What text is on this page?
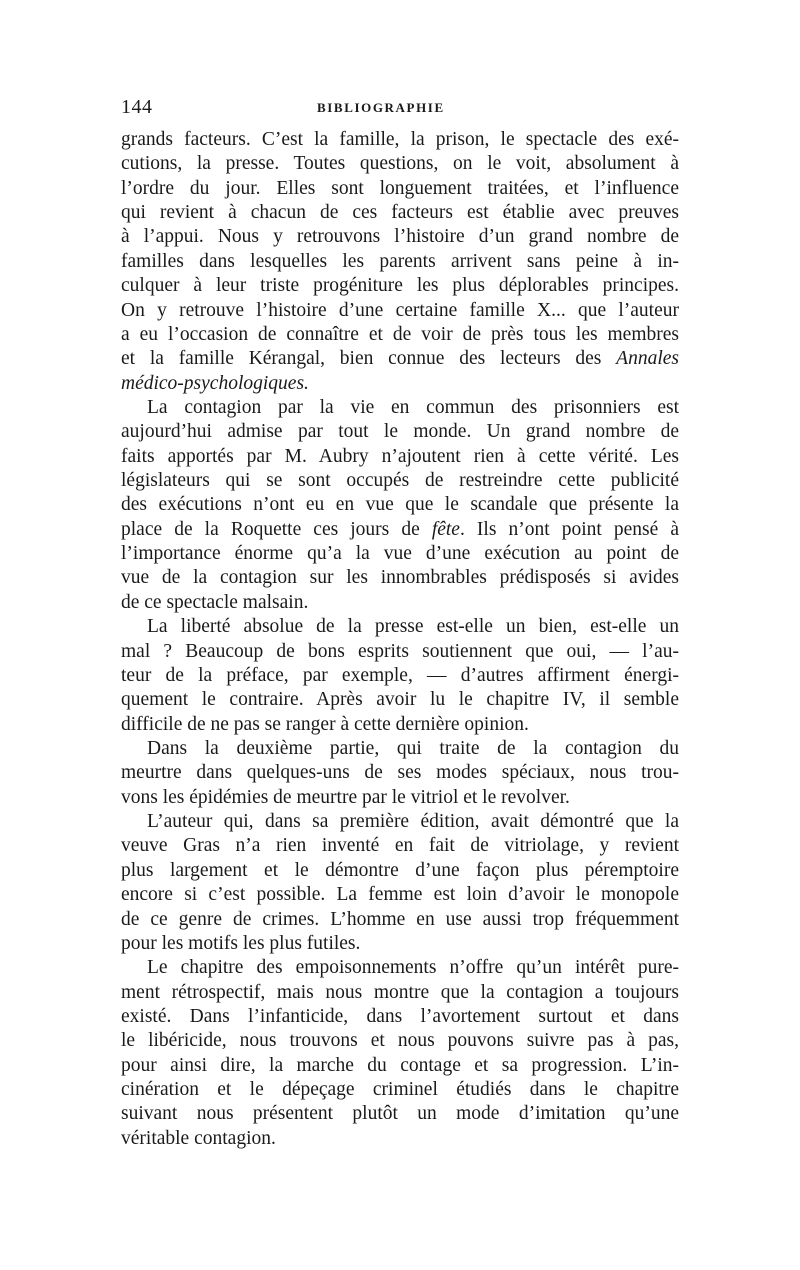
144	BIBLIOGRAPHIE
grands facteurs. C’est la famille, la prison, le spectacle des exé-
cutions, la presse. Toutes questions, on le voit, absolument à
l’ordre du jour. Elles sont longuement traitées, et l’influence
qui revient à chacun de ces facteurs est établie avec preuves
à l’appui. Nous y retrouvons l’histoire d’un grand nombre de
familles dans lesquelles les parents arrivent sans peine à in-
culquer à leur triste progéniture les plus déplorables principes.
On y retrouve l’histoire d’une certaine famille X... que l’auteur
a eu l’occasion de connaître et de voir de près tous les membres
et la famille Kérangal, bien connue des lecteurs des Annales
médico-psychologiques.
La contagion par la vie en commun des prisonniers est
aujourd’hui admise par tout le monde. Un grand nombre de
faits apportés par M. Aubry n’ajoutent rien à cette vérité. Les
législateurs qui se sont occupés de restreindre cette publicité
des exécutions n’ont eu en vue que le scandale que présente la
place de la Roquette ces jours de fête. Ils n’ont point pensé à
l’importance énorme qu’a la vue d’une exécution au point de
vue de la contagion sur les innombrables prédisposés si avides
de ce spectacle malsain.
La liberté absolue de la presse est-elle un bien, est-elle un
mal ? Beaucoup de bons esprits soutiennent que oui, — l’au-
teur de la préface, par exemple, — d’autres affirment énergi-
quement le contraire. Après avoir lu le chapitre IV, il semble
difficile de ne pas se ranger à cette dernière opinion.
Dans la deuxième partie, qui traite de la contagion du
meurtre dans quelques-uns de ses modes spéciaux, nous trou-
vons les épidémies de meurtre par le vitriol et le revolver.
L’auteur qui, dans sa première édition, avait démontré que la
veuve Gras n’a rien inventé en fait de vitriolage, y revient
plus largement et le démontre d’une façon plus péremptoire
encore si c’est possible. La femme est loin d’avoir le monopole
de ce genre de crimes. L’homme en use aussi trop fréquemment
pour les motifs les plus futiles.
Le chapitre des empoisonnements n’offre qu’un intérêt pure-
ment rétrospectif, mais nous montre que la contagion a toujours
existé. Dans l’infanticide, dans l’avortement surtout et dans
le libéricide, nous trouvons et nous pouvons suivre pas à pas,
pour ainsi dire, la marche du contage et sa progression. L’in-
cinération et le dépeçage criminel étudiés dans le chapitre
suivant nous présentent plutôt un mode d’imitation qu’une
véritable contagion.
